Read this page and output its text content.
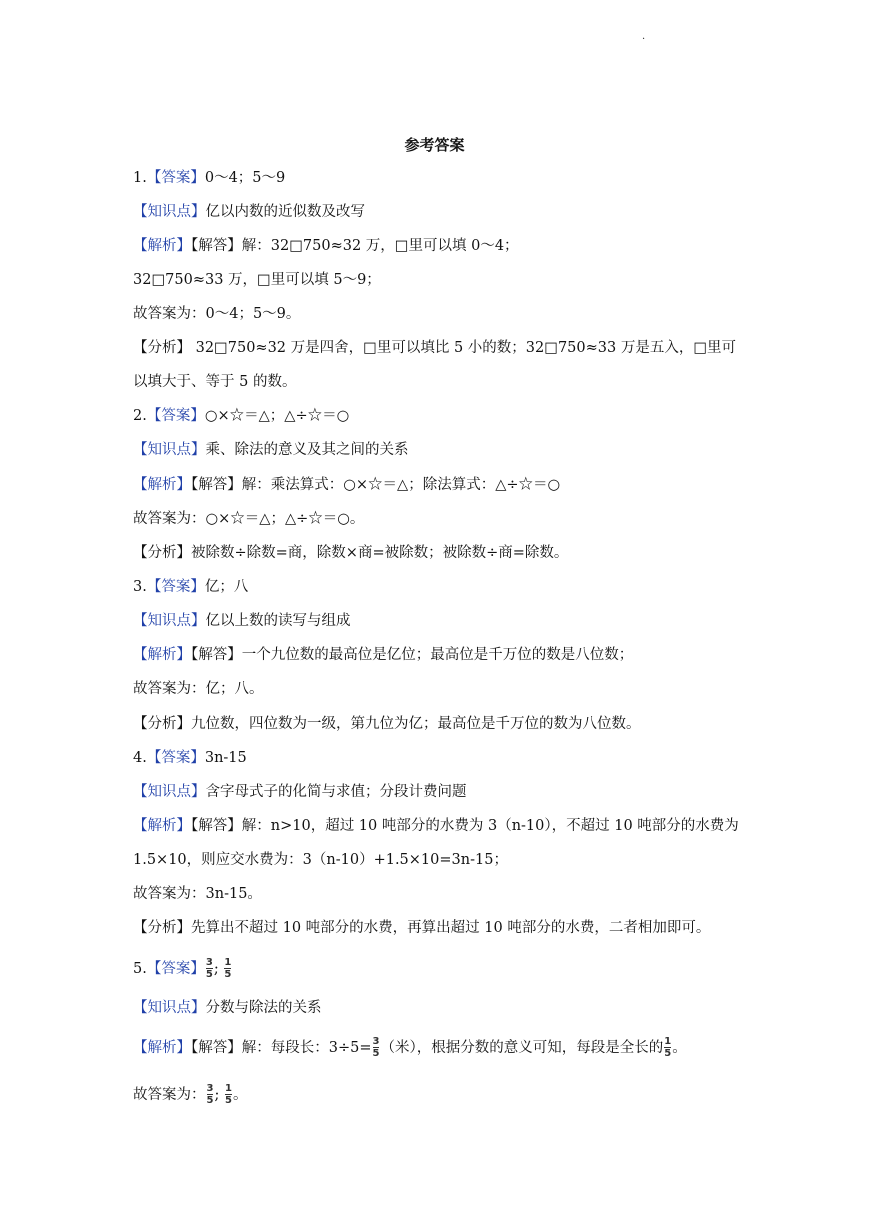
·
参考答案
1.【答案】0～4；5～9
【知识点】亿以内数的近似数及改写
【解析】【解答】解：32□750≈32 万，□里可以填 0～4；
32□750≈33 万，□里可以填 5～9；
故答案为：0～4；5～9。
【分析】 32□750≈32 万是四舍，□里可以填比 5 小的数；32□750≈33 万是五入，□里可
以填大于、等于 5 的数。
2.【答案】○×☆＝△；△÷☆＝○
【知识点】乘、除法的意义及其之间的关系
【解析】【解答】解：乘法算式：○×☆＝△；除法算式：△÷☆＝○
故答案为：○×☆＝△；△÷☆＝○。
【分析】被除数÷除数=商，除数×商=被除数；被除数÷商=除数。
3.【答案】亿；八
【知识点】亿以上数的读写与组成
【解析】【解答】一个九位数的最高位是亿位；最高位是千万位的数是八位数；
故答案为：亿；八。
【分析】九位数，四位数为一级，第九位为亿；最高位是千万位的数为八位数。
4.【答案】3n-15
【知识点】含字母式子的化简与求值；分段计费问题
【解析】【解答】解：n>10，超过 10 吨部分的水费为 3（n-10），不超过 10 吨部分的水费为
1.5×10，则应交水费为：3（n-10）+1.5×10=3n-15；
故答案为：3n-15。
【分析】先算出不超过 10 吨部分的水费，再算出超过 10 吨部分的水费，二者相加即可。
5.【答案】 $\frac{3}{5}$ ; $\frac{1}{5}$
【知识点】分数与除法的关系
【解析】【解答】解：每段长：$3\div 5= \frac{3}{5}$ （米），根据分数的意义可知，每段是全长的 $\frac{1}{5}$ 。
故答案为： $\frac{3}{5}$ ; $\frac{1}{5}$ 。
